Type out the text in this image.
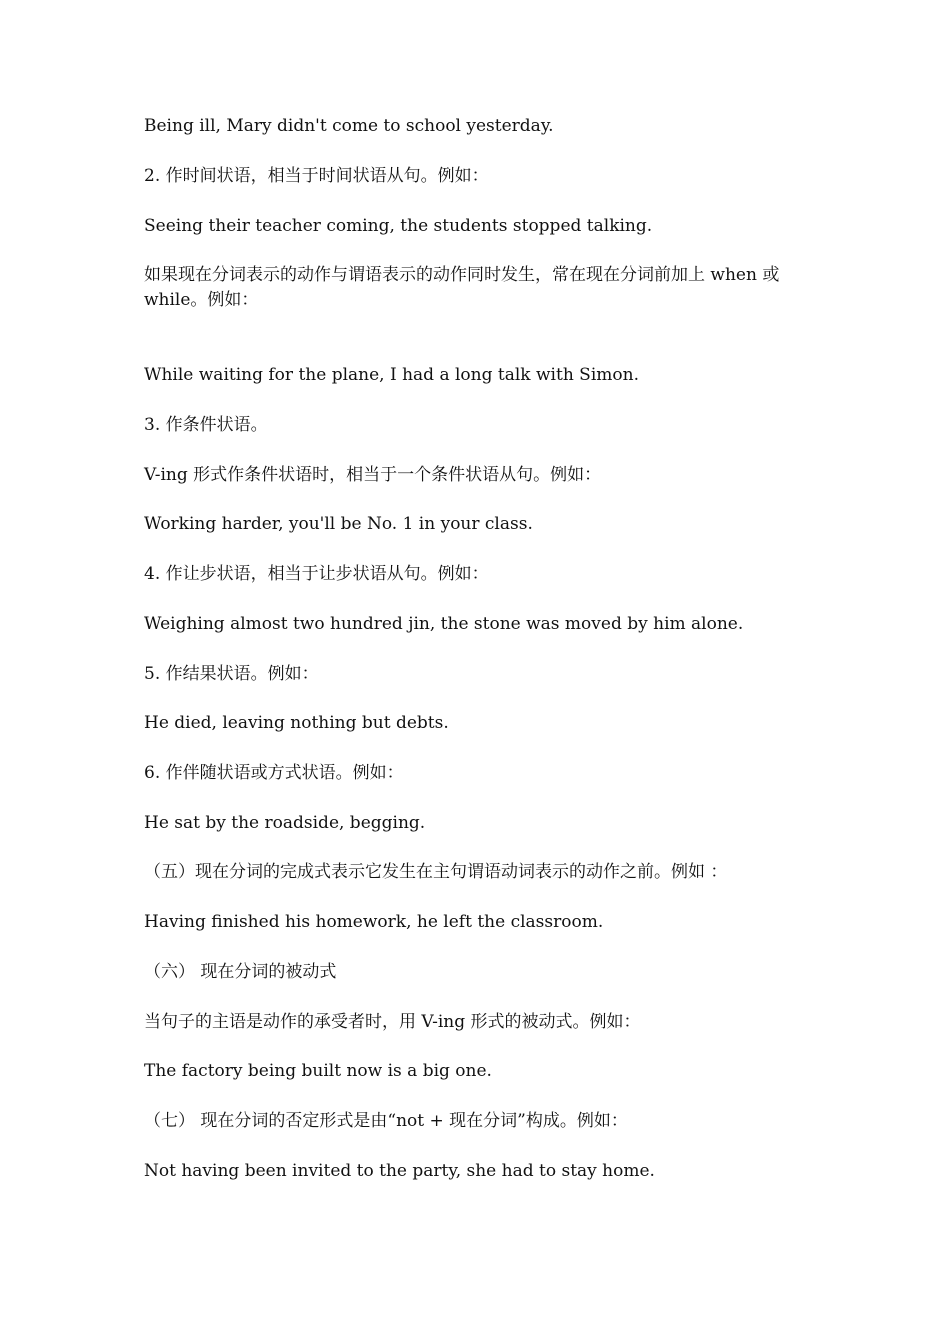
Being ill, Mary didn't come to school yesterday.

2. 作时间状语，相当于时间状语从句。例如：

Seeing their teacher coming, the students stopped talking.

如果现在分词表示的动作与谓语表示的动作同时发生，常在现在分词前加上 when 或 while。例如：

While waiting for the plane, I had a long talk with Simon.

3. 作条件状语。

V-ing 形式作条件状语时，相当于一个条件状语从句。例如：

Working harder, you'll be No. 1 in your class.

4. 作让步状语，相当于让步状语从句。例如：

Weighing almost two hundred jin, the stone was moved by him alone.

5. 作结果状语。例如：

He died, leaving nothing but debts.

6. 作伴随状语或方式状语。例如：

He sat by the roadside, begging.

（五）现在分词的完成式表示它发生在主句谓语动词表示的动作之前。例如 ：

Having finished his homework, he left the classroom.

（六） 现在分词的被动式

当句子的主语是动作的承受者时，用 V-ing 形式的被动式。例如：

The factory being built now is a big one.

（七） 现在分词的否定形式是由“not + 现在分词”构成。例如：

Not having been invited to the party, she had to stay home.
